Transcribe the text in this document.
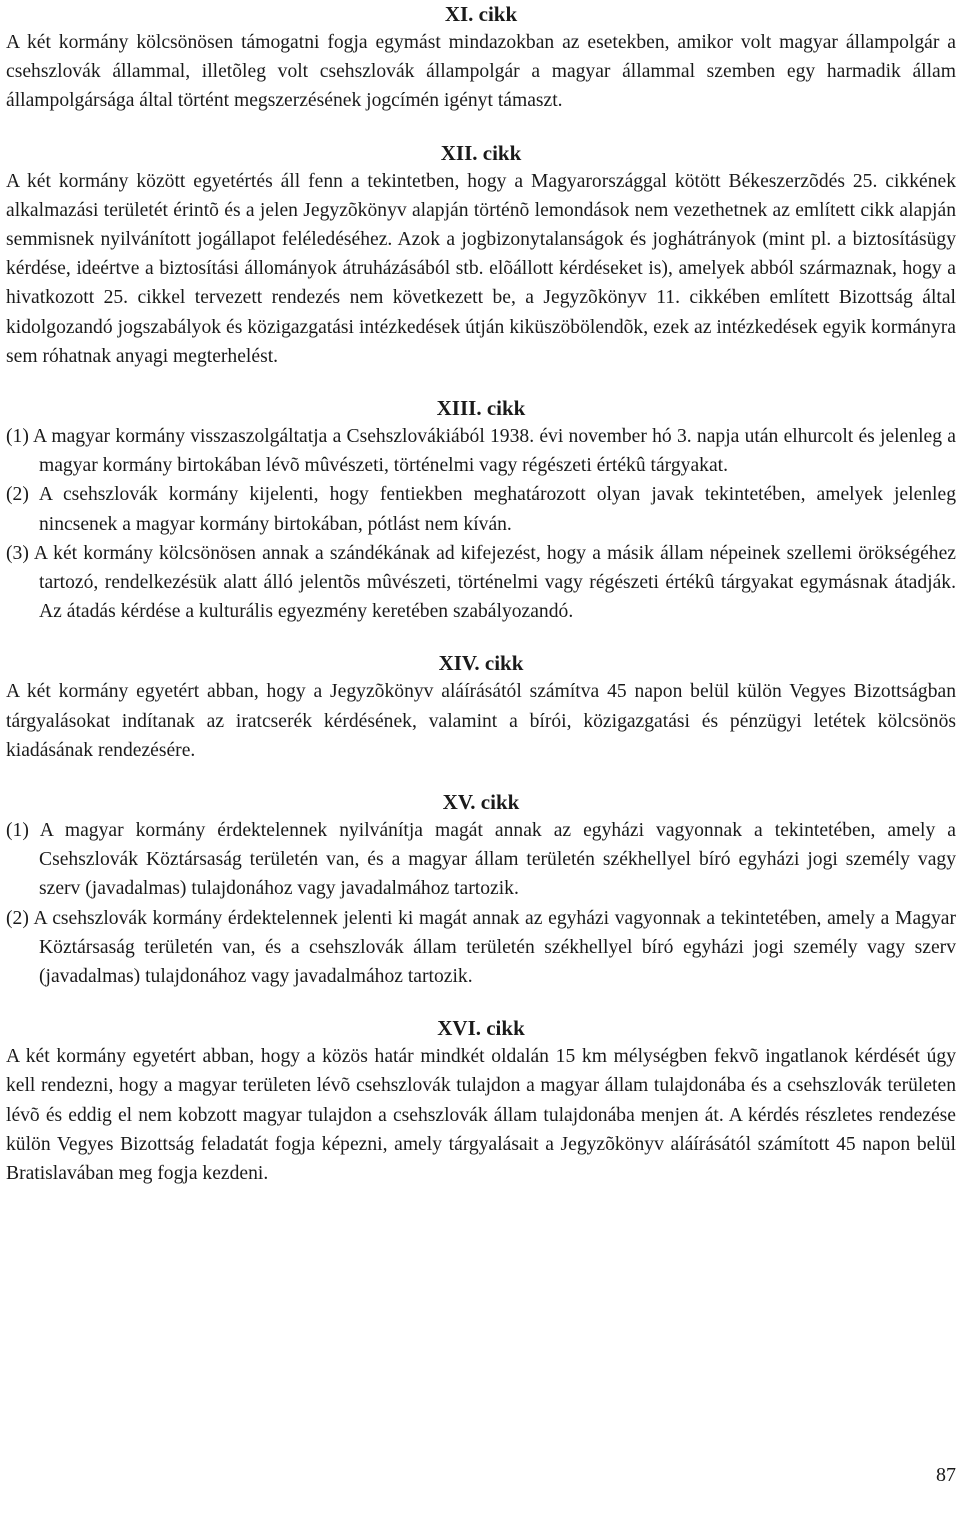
XI. cikk

A két kormány kölcsönösen támogatni fogja egymást mindazokban az esetekben, amikor volt magyar állampolgár a csehszlovák állammal, illetõleg volt csehszlovák állampolgár a magyar állammal szemben egy harmadik állam állampolgársága által történt megszerzésének jogcímén igényt támaszt.

XII. cikk

A két kormány között egyetértés áll fenn a tekintetben, hogy a Magyarországgal kötött Békeszerzõdés 25. cikkének alkalmazási területét érintõ és a jelen Jegyzõkönyv alapján történõ lemondások nem vezethetnek az említett cikk alapján semmisnek nyilvánított jogállapot feléledéséhez. Azok a jogbizonytalanságok és joghátrányok (mint pl. a biztosításügy kérdése, ideértve a biztosítási állományok átruházásából stb. elõállott kérdéseket is), amelyek abból származnak, hogy a hivatkozott 25. cikkel tervezett rendezés nem következett be, a Jegyzõkönyv 11. cikkében említett Bizottság által kidolgozandó jogszabályok és közigazgatási intézkedések útján kiküszöbölendõk, ezek az intézkedések egyik kormányra sem róhatnak anyagi megterhelést.

XIII. cikk

(1) A magyar kormány visszaszolgáltatja a Csehszlovákiából 1938. évi november hó 3. napja után elhurcolt és jelenleg a magyar kormány birtokában lévõ mûvészeti, történelmi vagy régészeti értékû tárgyakat.

(2) A csehszlovák kormány kijelenti, hogy fentiekben meghatározott olyan javak tekintetében, amelyek jelenleg nincsenek a magyar kormány birtokában, pótlást nem kíván.

(3) A két kormány kölcsönösen annak a szándékának ad kifejezést, hogy a másik állam népeinek szellemi örökségéhez tartozó, rendelkezésük alatt álló jelentõs mûvészeti, történelmi vagy régészeti értékû tárgyakat egymásnak átadják. Az átadás kérdése a kulturális egyezmény keretében szabályozandó.

XIV. cikk

A két kormány egyetért abban, hogy a Jegyzõkönyv aláírásától számítva 45 napon belül külön Vegyes Bizottságban tárgyalásokat indítanak az iratcserék kérdésének, valamint a bírói, közigazgatási és pénzügyi letétek kölcsönös kiadásának rendezésére.

XV. cikk

(1) A magyar kormány érdektelennek nyilvánítja magát annak az egyházi vagyonnak a tekintetében, amely a Csehszlovák Köztársaság területén van, és a magyar állam területén székhellyel bíró egyházi jogi személy vagy szerv (javadalmas) tulajdonához vagy javadalmához tartozik.

(2) A csehszlovák kormány érdektelennek jelenti ki magát annak az egyházi vagyonnak a tekintetében, amely a Magyar Köztársaság területén van, és a csehszlovák állam területén székhellyel bíró egyházi jogi személy vagy szerv (javadalmas) tulajdonához vagy javadalmához tartozik.

XVI. cikk

A két kormány egyetért abban, hogy a közös határ mindkét oldalán 15 km mélységben fekvõ ingatlanok kérdését úgy kell rendezni, hogy a magyar területen lévõ csehszlovák tulajdon a magyar állam tulajdonába és a csehszlovák területen lévõ és eddig el nem kobzott magyar tulajdon a csehszlovák állam tulajdonába menjen át. A kérdés részletes rendezése külön Vegyes Bizottság feladatát fogja képezni, amely tárgyalásait a Jegyzõkönyv aláírásától számított 45 napon belül Bratislavában meg fogja kezdeni.

87
